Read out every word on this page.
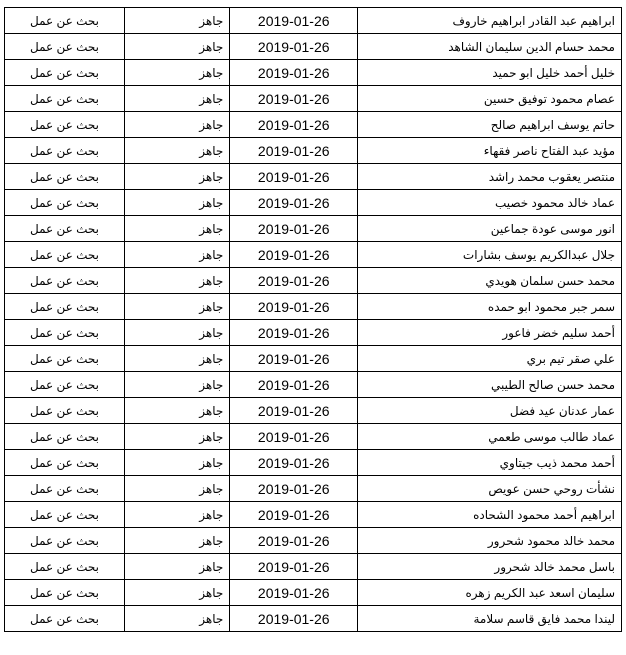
بحث عن عمل	جاهز	2019-01-26	ابراهيم عبد القادر ابراهيم خاروف
بحث عن عمل	جاهز	2019-01-26	محمد حسام الدين سليمان الشاهد
بحث عن عمل	جاهز	2019-01-26	خليل أحمد خليل ابو حميد
بحث عن عمل	جاهز	2019-01-26	عصام محمود توفيق حسين
بحث عن عمل	جاهز	2019-01-26	حاتم يوسف ابراهيم صالح
بحث عن عمل	جاهز	2019-01-26	مؤيد عبد الفتاح ناصر فقهاء
بحث عن عمل	جاهز	2019-01-26	منتصر يعقوب محمد راشد
بحث عن عمل	جاهز	2019-01-26	عماد خالد محمود خصيب
بحث عن عمل	جاهز	2019-01-26	انور موسى عودة جماعين
بحث عن عمل	جاهز	2019-01-26	جلال عبدالكريم يوسف بشارات
بحث عن عمل	جاهز	2019-01-26	محمد حسن سلمان هويدي
بحث عن عمل	جاهز	2019-01-26	سمر جبر محمود ابو حمده
بحث عن عمل	جاهز	2019-01-26	أحمد سليم خضر فاعور
بحث عن عمل	جاهز	2019-01-26	علي صقر تيم بري
بحث عن عمل	جاهز	2019-01-26	محمد حسن صالح الطيبي
بحث عن عمل	جاهز	2019-01-26	عمار عدنان عيد فضل
بحث عن عمل	جاهز	2019-01-26	عماد طالب موسى طعمي
بحث عن عمل	جاهز	2019-01-26	أحمد محمد ذيب جيتاوي
بحث عن عمل	جاهز	2019-01-26	نشأت روحي حسن عويص
بحث عن عمل	جاهز	2019-01-26	ابراهيم أحمد محمود الشحاده
بحث عن عمل	جاهز	2019-01-26	محمد خالد محمود شحرور
بحث عن عمل	جاهز	2019-01-26	باسل محمد خالد شحرور
بحث عن عمل	جاهز	2019-01-26	سليمان اسعد عبد الكريم زهره
بحث عن عمل	جاهز	2019-01-26	ليندا محمد فايق قاسم سلامة
